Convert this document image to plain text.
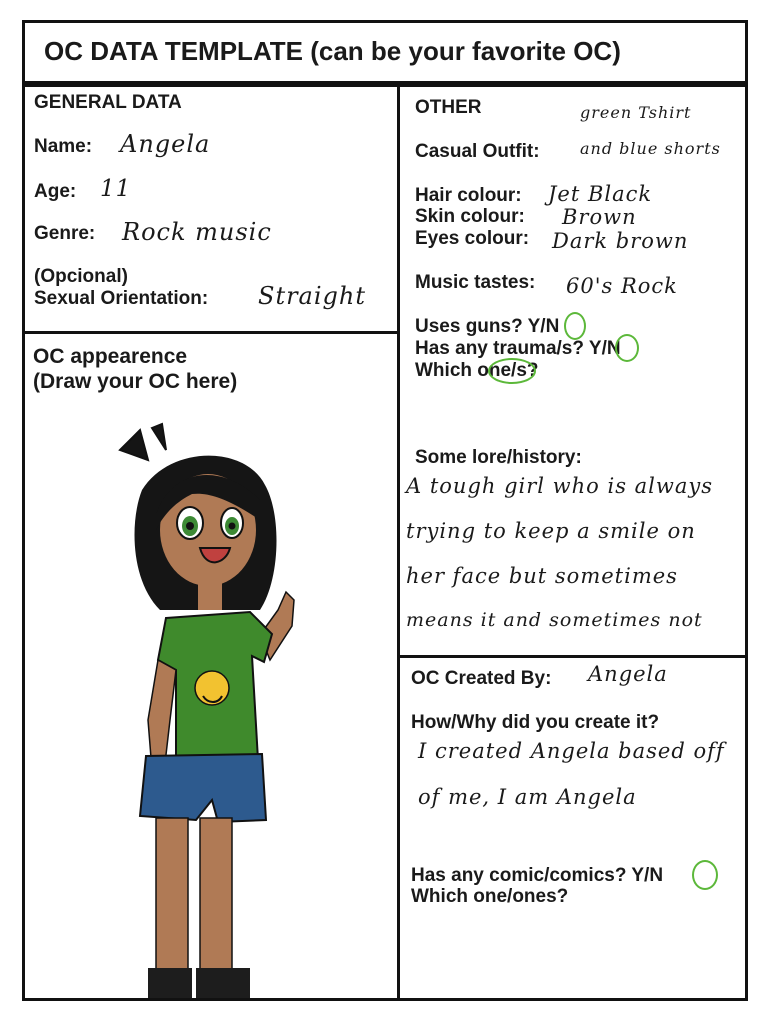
OC DATA TEMPLATE (can be your favorite OC)
GENERAL DATA
Name: Angela
Age: 11
Genre: Rock music
(Opcional)
Sexual Orientation: Straight
OC appearence
(Draw your OC here)
OTHER	green Tshirt
Casual Outfit:	and blue shorts
Hair colour: Jet Black
Skin colour: Brown
Eyes colour: Dark brown
Music tastes: 60's Rock
Uses guns? Y/N
Has any trauma/s? Y/N
Which one/s?
Some lore/history:
A tough girl who is always
trying to keep a smile on
her face but sometimes
means it and sometimes not
OC Created By: Angela
How/Why did you create it?
I created Angela based off
of me, I am Angela
Has any comic/comics? Y/N
Which one/ones?
